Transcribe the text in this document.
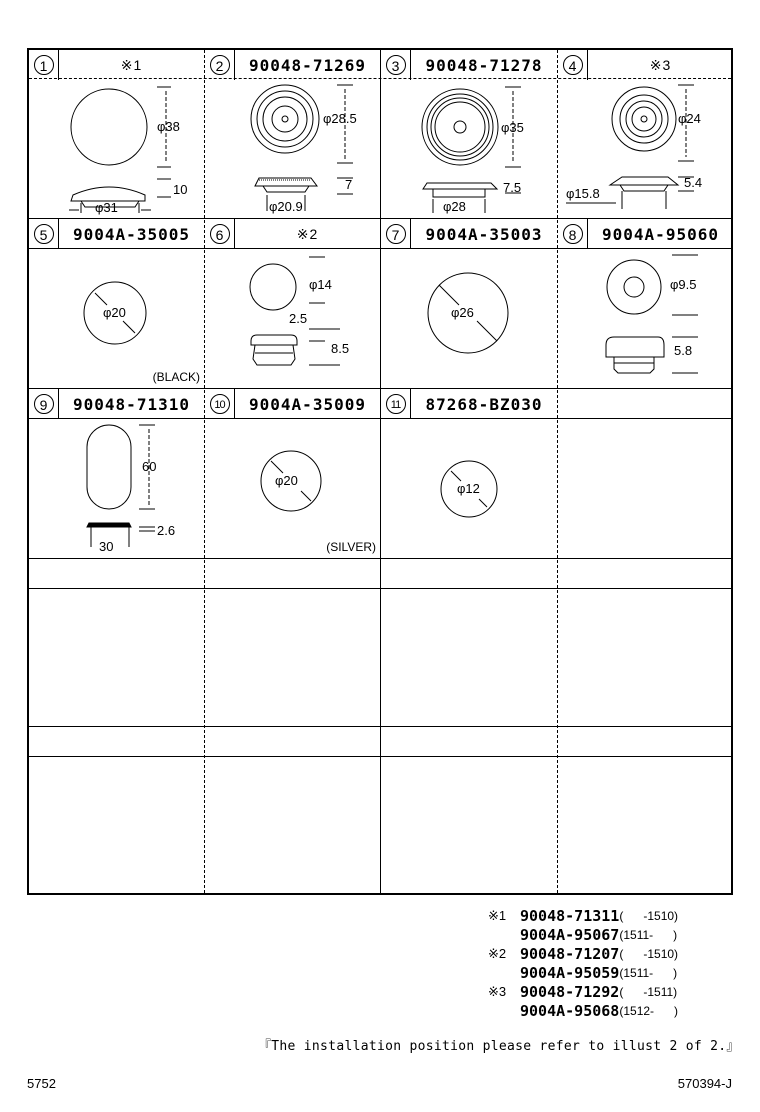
1	※1	2	90048-71269	3	90048-71278	4	※3
φ38
10
φ31
φ28.5
7
φ20.9
φ35
7.5
φ28
φ24
5.4
φ15.8
5	9004A-35005	6	※2	7	9004A-35003	8	9004A-95060
φ20
(BLACK)
φ14
2.5
8.5
φ26
φ9.5
5.8
9	90048-71310	10	9004A-35009	11	87268-BZ030
60
2.6
30
φ20
(SILVER)
φ12
※1 90048-71311 (      -1510)
9004A-95067 (1511-      )
※2 90048-71207 (      -1510)
9004A-95059 (1511-      )
※3 90048-71292 (      -1511)
9004A-95068 (1512-      )
『The installation position please refer to illust 2 of 2.』
5752	570394-J
